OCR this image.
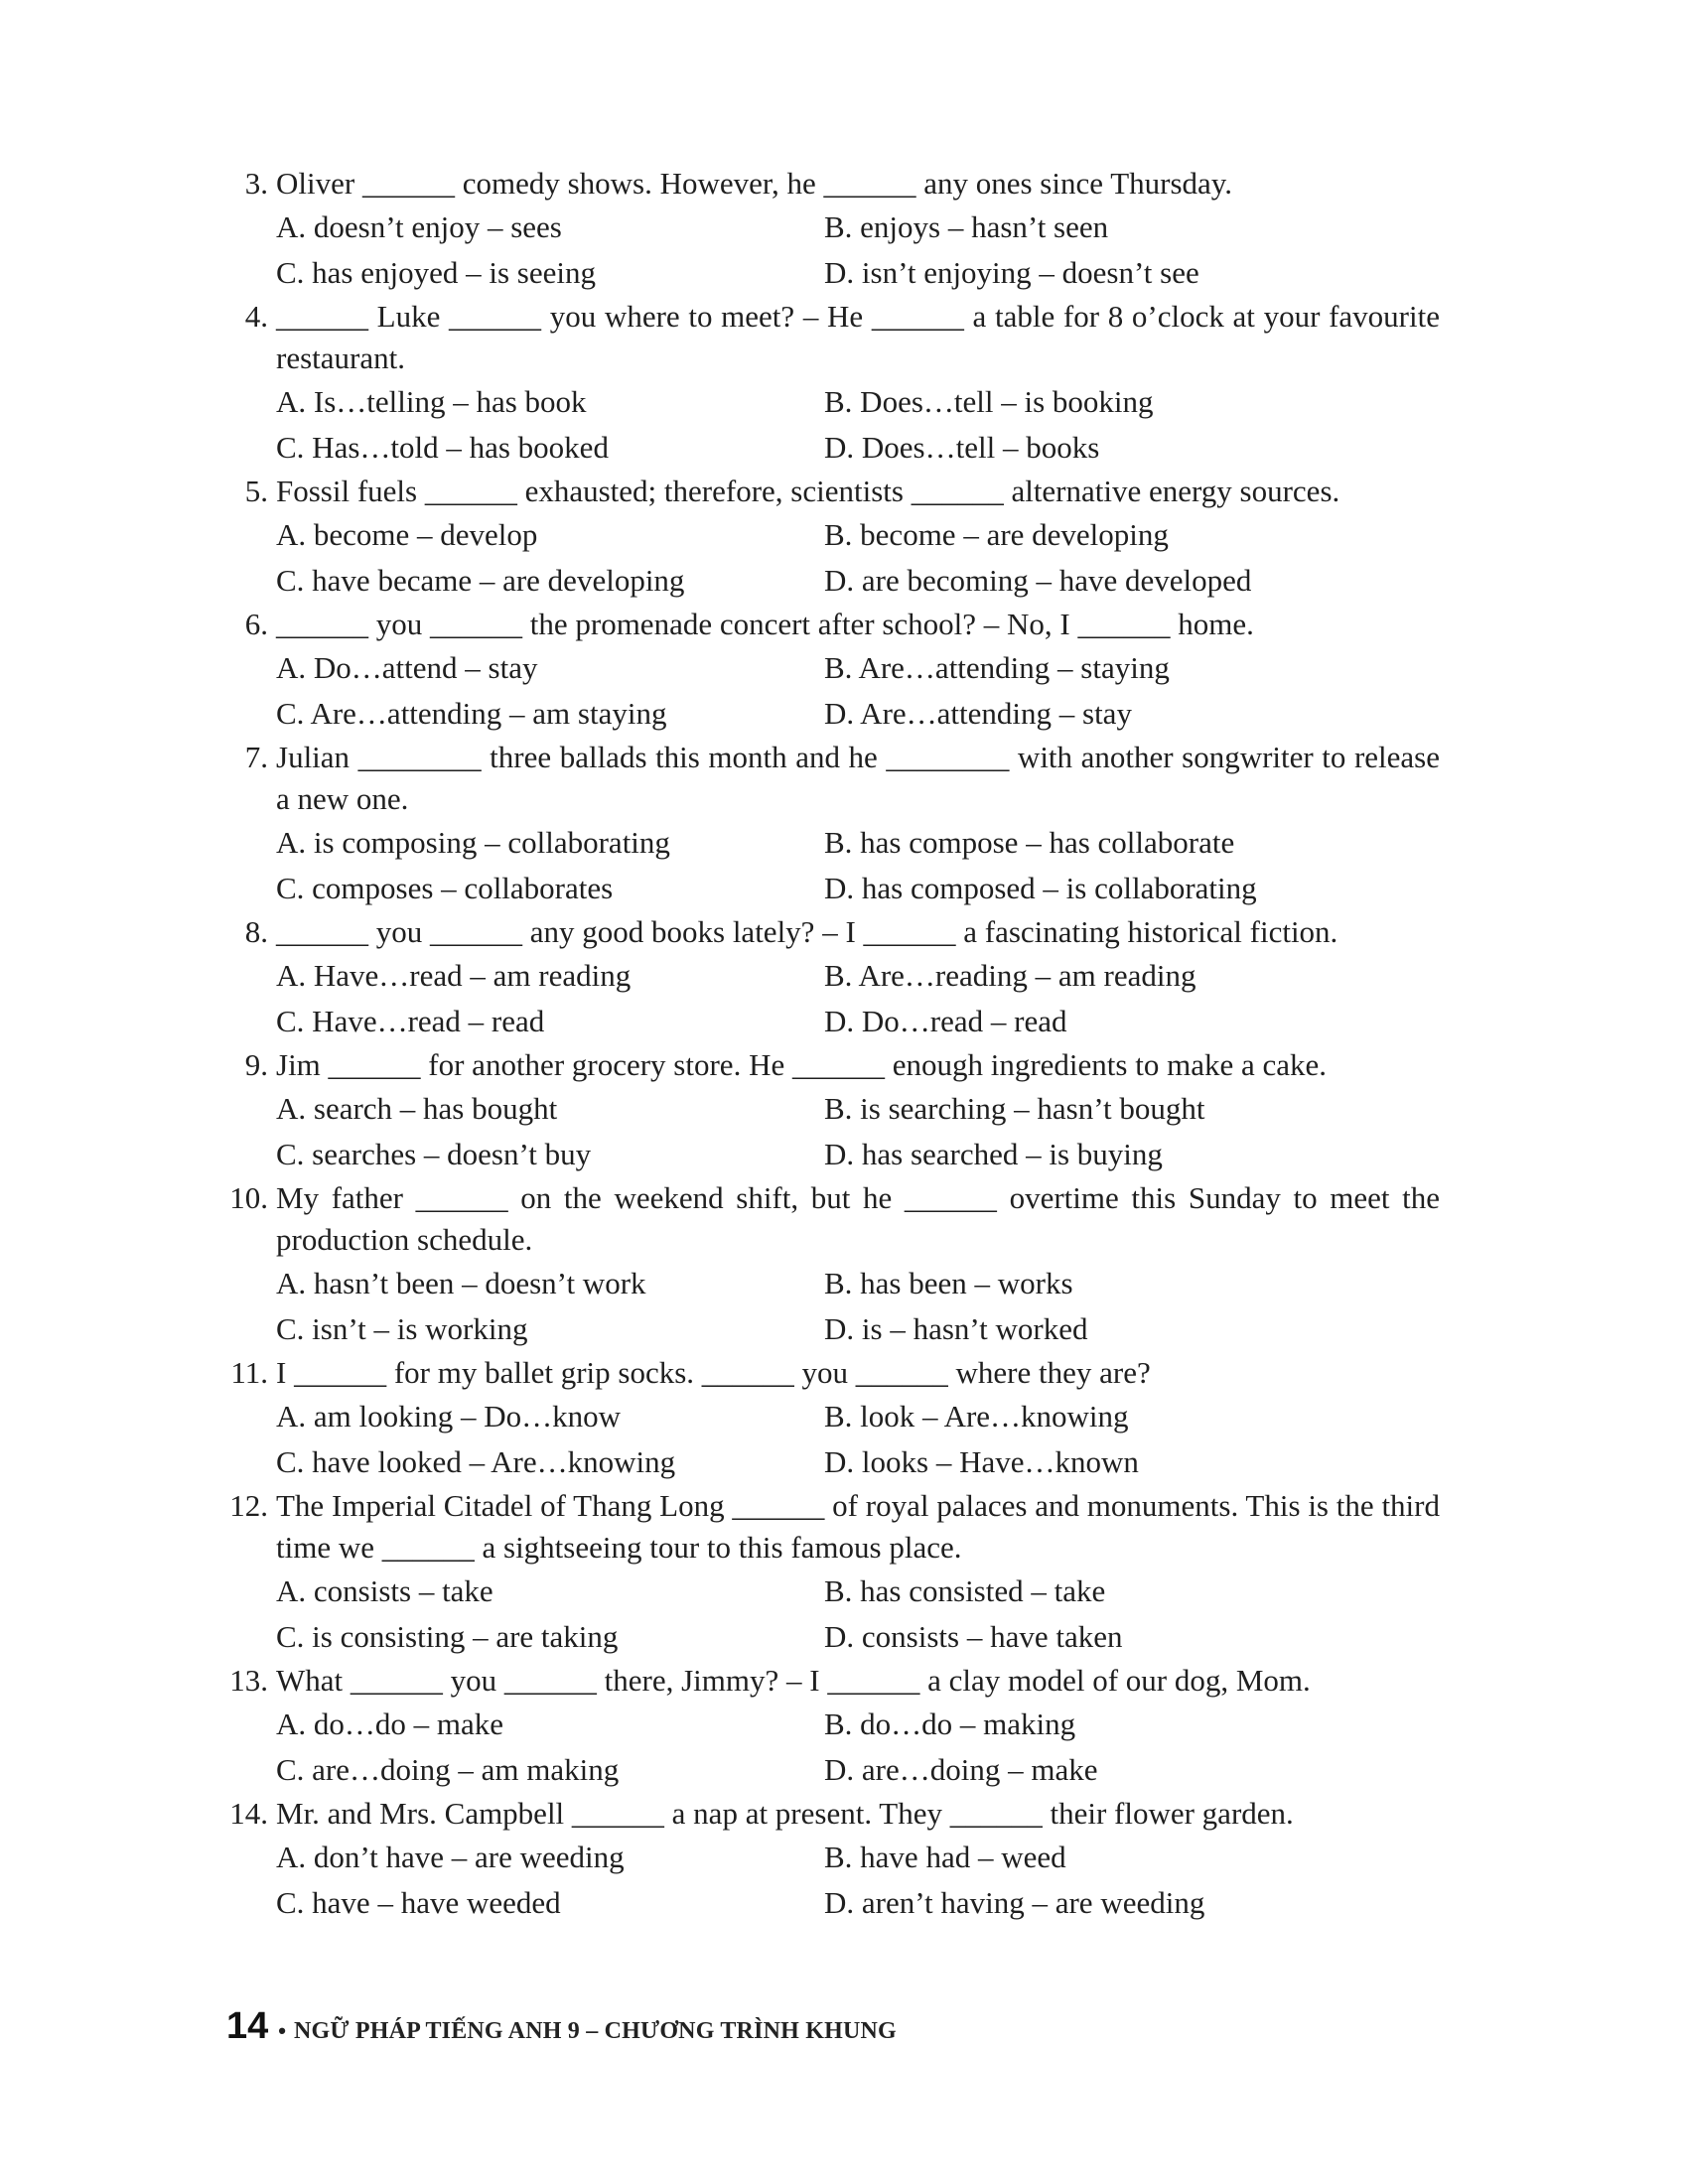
3. Oliver ______ comedy shows. However, he ______ any ones since Thursday.
A. doesn’t enjoy – sees	B. enjoys – hasn’t seen
C. has enjoyed – is seeing	D. isn’t enjoying – doesn’t see
4. ______ Luke ______ you where to meet? – He ______ a table for 8 o’clock at your favourite restaurant.
A. Is…telling – has book	B. Does…tell – is booking
C. Has…told – has booked	D. Does…tell – books
5. Fossil fuels ______ exhausted; therefore, scientists ______ alternative energy sources.
A. become – develop	B. become – are developing
C. have became – are developing	D. are becoming – have developed
6. ______ you ______ the promenade concert after school? – No, I ______ home.
A. Do…attend – stay	B. Are…attending – staying
C. Are…attending – am staying	D. Are…attending – stay
7. Julian ________ three ballads this month and he ________ with another songwriter to release a new one.
A. is composing – collaborating	B. has compose – has collaborate
C. composes – collaborates	D. has composed – is collaborating
8. ______ you ______ any good books lately? – I ______ a fascinating historical fiction.
A. Have…read – am reading	B. Are…reading – am reading
C. Have…read – read	D. Do…read – read
9. Jim ______ for another grocery store. He ______ enough ingredients to make a cake.
A. search – has bought	B. is searching – hasn’t bought
C. searches – doesn’t buy	D. has searched – is buying
10. My father ______ on the weekend shift, but he ______ overtime this Sunday to meet the production schedule.
A. hasn’t been – doesn’t work	B. has been – works
C. isn’t – is working	D. is – hasn’t worked
11. I ______ for my ballet grip socks. ______ you ______ where they are?
A. am looking – Do…know	B. look – Are…knowing
C. have looked – Are…knowing	D. looks – Have…known
12. The Imperial Citadel of Thang Long ______ of royal palaces and monuments. This is the third time we ______ a sightseeing tour to this famous place.
A. consists – take	B. has consisted – take
C. is consisting – are taking	D. consists – have taken
13. What ______ you ______ there, Jimmy? – I ______ a clay model of our dog, Mom.
A. do…do – make	B. do…do – making
C. are…doing – am making	D. are…doing – make
14. Mr. and Mrs. Campbell ______ a nap at present. They ______ their flower garden.
A. don’t have – are weeding	B. have had – weed
C. have – have weeded	D. aren’t having – are weeding
14 • NGỮ PHÁP TIẾNG ANH 9 – CHƯƠNG TRÌNH KHUNG
